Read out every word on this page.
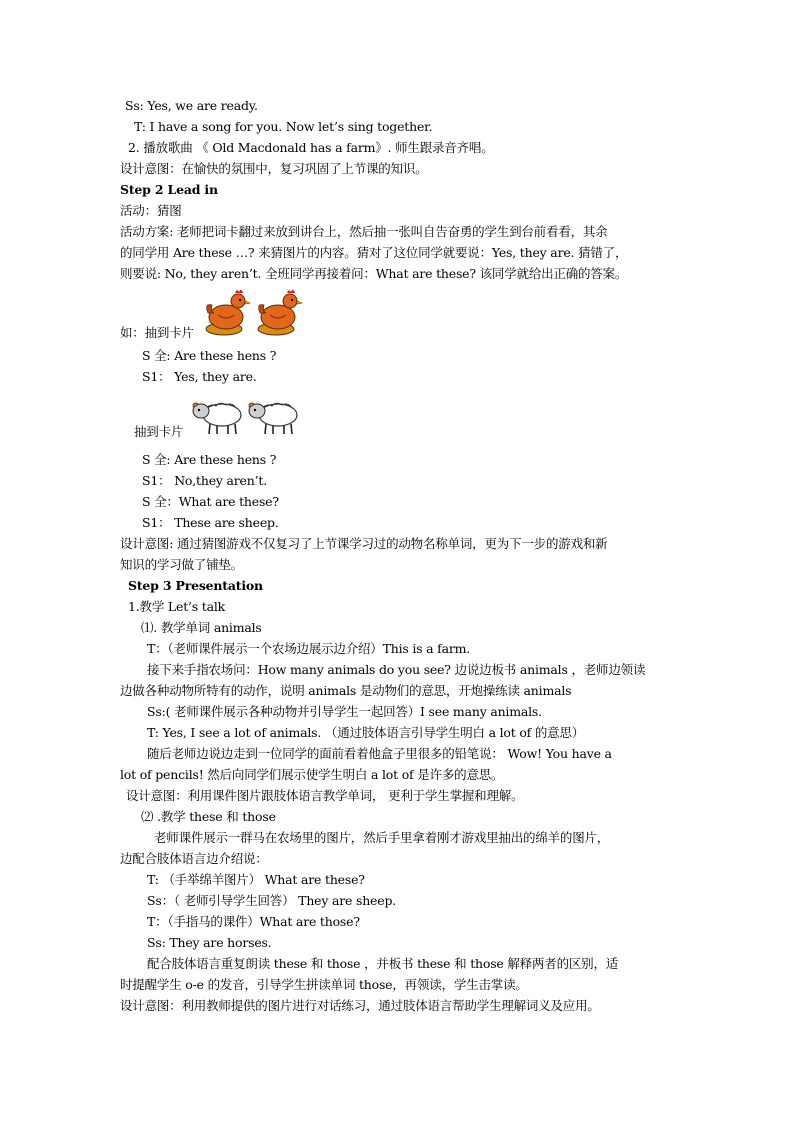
Ss: Yes, we are ready.
T: I have a song for you. Now let’s sing together.
2. 播放歌曲 《 Old Macdonald has a farm》. 师生跟录音齐唱。
设计意图：在愉快的氛围中，复习巩固了上节课的知识。
Step 2 Lead in
活动：猜图
活动方案: 老师把词卡翻过来放到讲台上，然后抽一张叫自告奋勇的学生到台前看看，其余
的同学用 Are these …? 来猜图片的内容。猜对了这位同学就要说：Yes, they are. 猜错了，
则要说: No, they aren’t. 全班同学再接着问：What are these? 该同学就给出正确的答案。
如：抽到卡片
S 全: Are these hens ?
S1： Yes, they are.
抽到卡片
S 全: Are these hens ?
S1： No,they aren’t.
S 全：What are these?
S1： These are sheep.
设计意图: 通过猜图游戏不仅复习了上节课学习过的动物名称单词，更为下一步的游戏和新
知识的学习做了铺垫。
Step 3 Presentation
1.教学 Let’s talk
⑴. 教学单词 animals
T：（老师课件展示一个农场边展示边介绍）This is a farm.
接下来手指农场问：How many animals do you see? 边说边板书 animals ，老师边领读
边做各种动物所特有的动作，说明 animals 是动物们的意思，开炮操练读 animals
Ss:( 老师课件展示各种动物并引导学生一起回答）I see many animals.
T: Yes, I see a lot of animals. （通过肢体语言引导学生明白 a lot of 的意思）
随后老师边说边走到一位同学的面前看着他盒子里很多的铅笔说： Wow! You have a
lot of pencils! 然后向同学们展示使学生明白 a lot of 是许多的意思。
设计意图：利用课件图片跟肢体语言教学单词， 更利于学生掌握和理解。
⑵ .教学 these 和 those
老师课件展示一群马在农场里的图片，然后手里拿着刚才游戏里抽出的绵羊的图片，
边配合肢体语言边介绍说：
T: （手举绵羊图片） What are these?
Ss：（ 老师引导学生回答） They are sheep.
T：（手指马的课件）What are those?
Ss: They are horses.
配合肢体语言重复朗读 these 和 those ，并板书 these 和 those 解释两者的区别，适
时提醒学生 o-e 的发音，引导学生拼读单词 those，再领读，学生击掌读。
设计意图：利用教师提供的图片进行对话练习，通过肢体语言帮助学生理解词义及应用。
